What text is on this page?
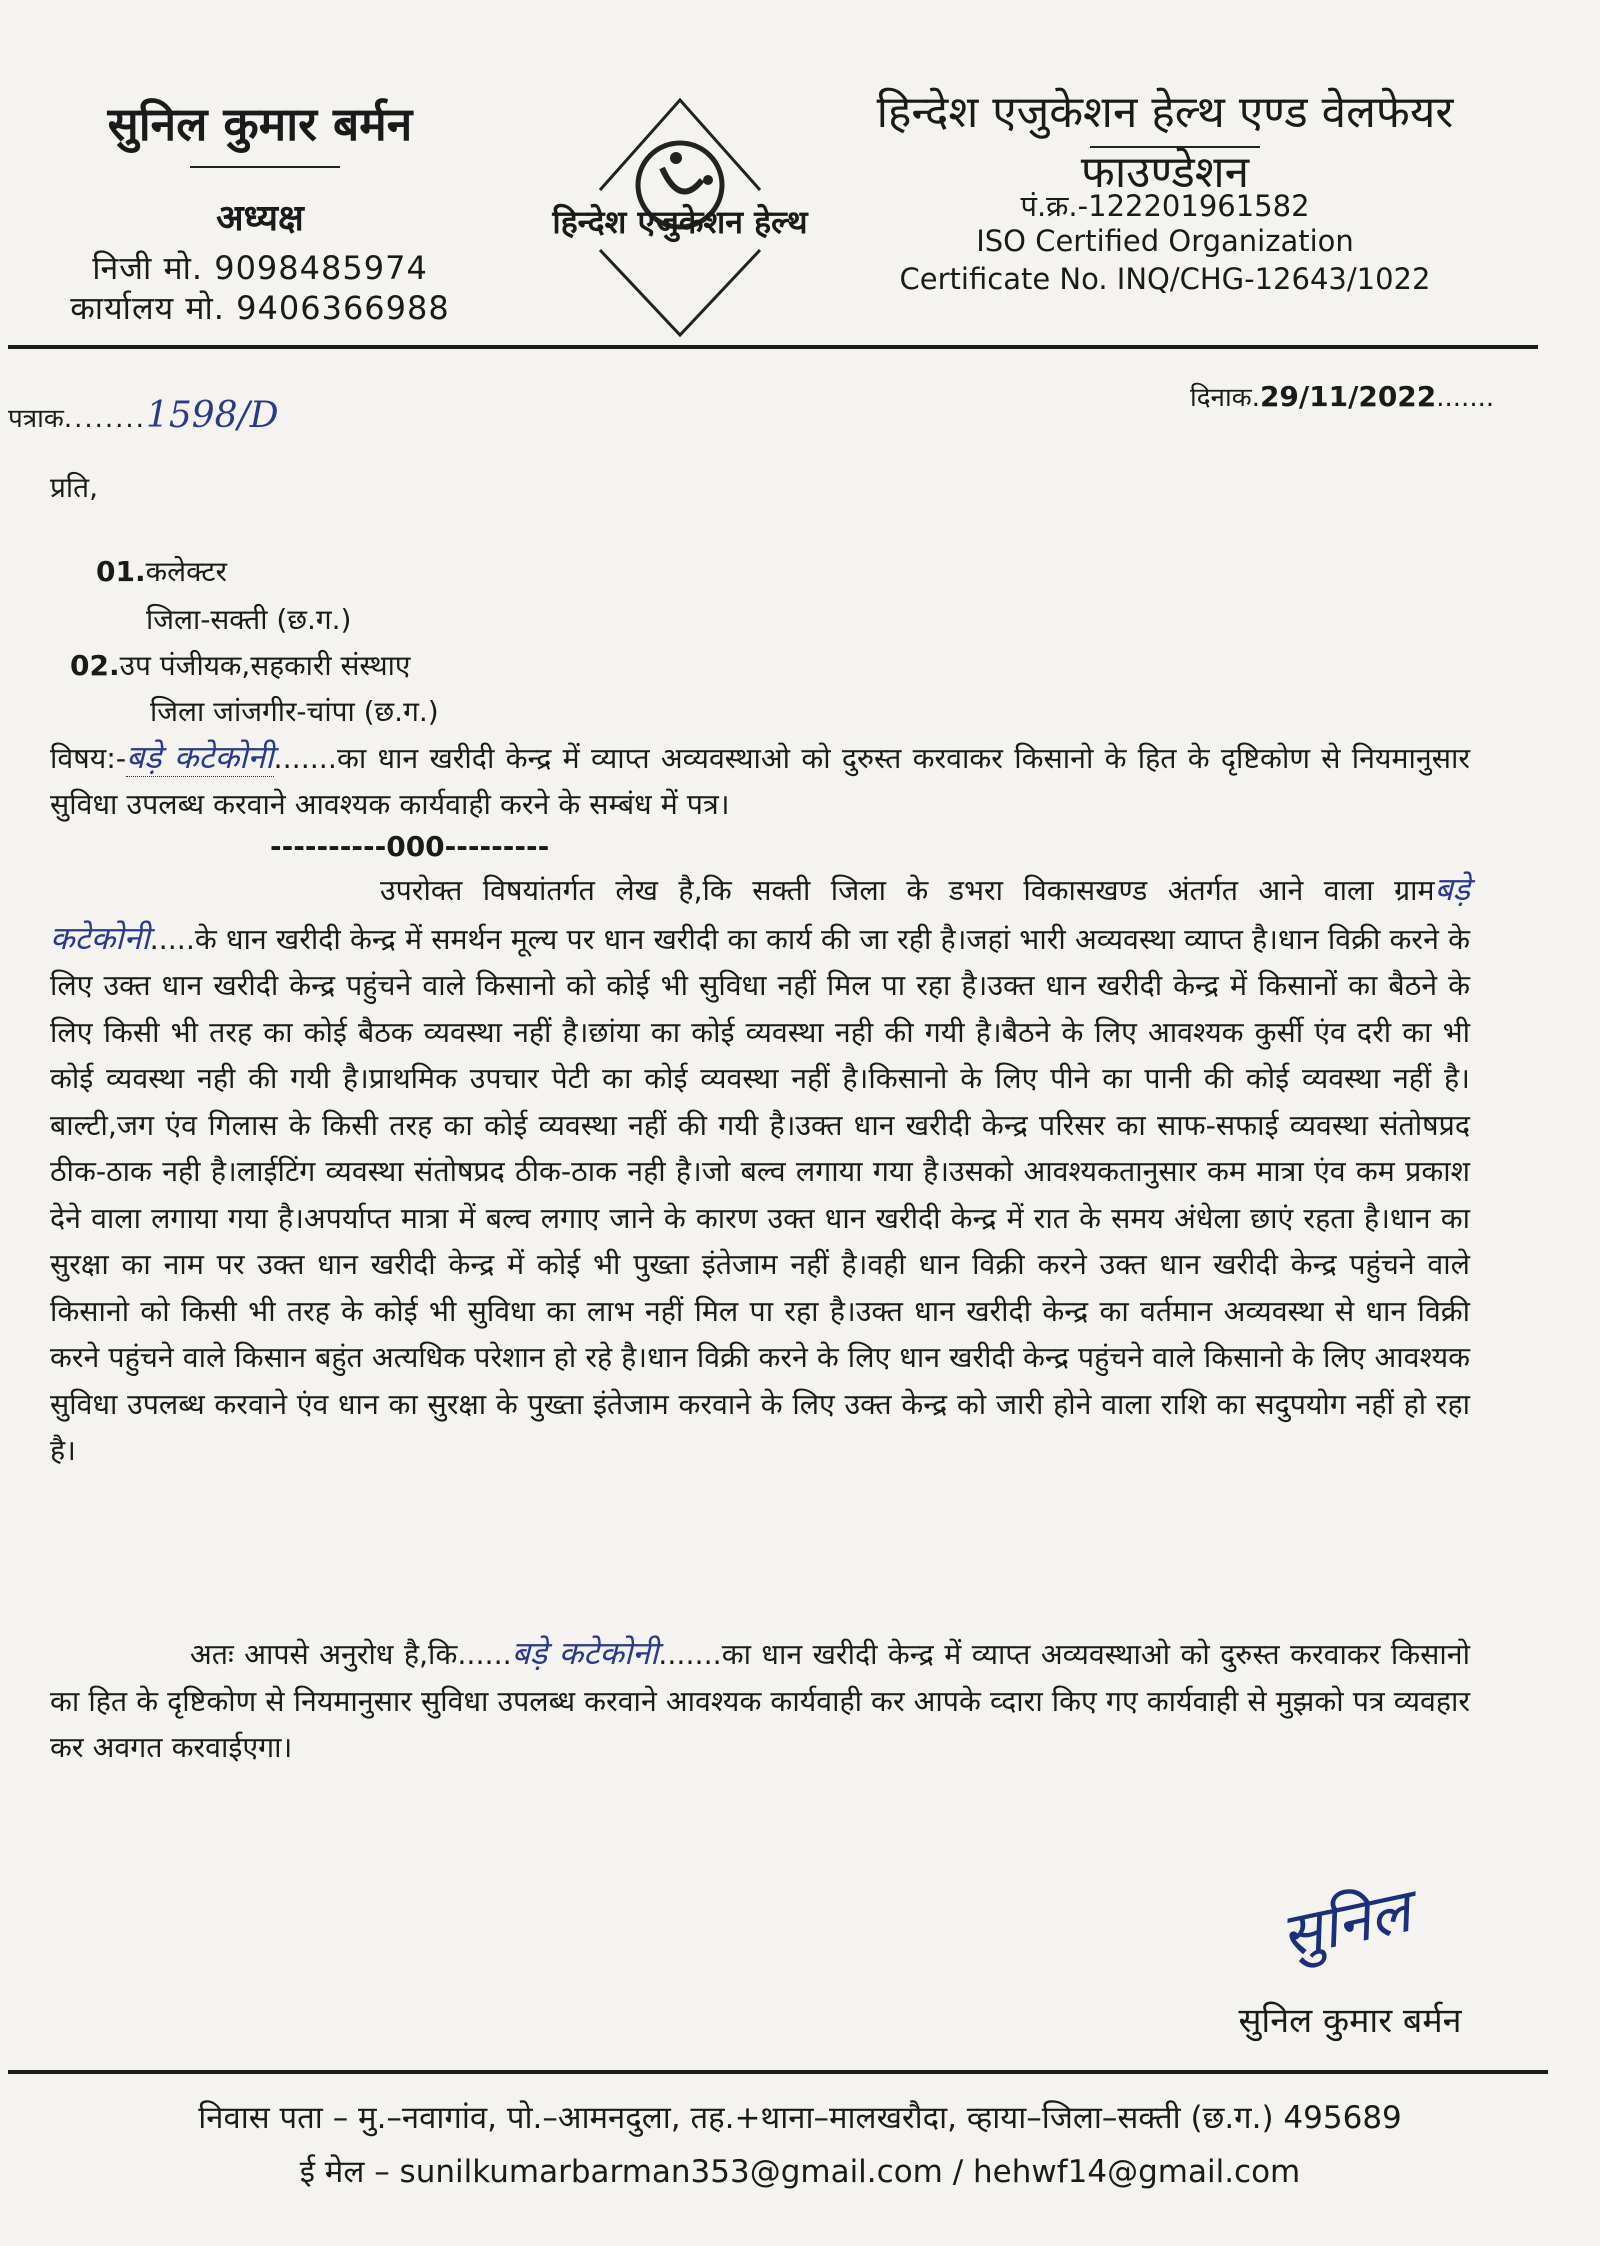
सुनिल कुमार बर्मन

अध्यक्ष
निजी मो. 9098485974
कार्यालय मो. 9406366988
हिन्देश एजुकेशन हेल्थ
हिन्देश एजुकेशन हेल्थ एण्ड वेलफेयर फाउण्डेशन

पं.क्र.-122201961582
ISO Certified Organization
Certificate No. INQ/CHG-12643/1022
पत्राक........1598/D	दिनाक.29/11/2022.......
प्रति,
01.कलेक्टर
जिला-सक्ती (छ.ग.)
02.उप पंजीयक,सहकारी संस्थाए
जिला जांजगीर-चांपा (छ.ग.)

विषय:-बड़े कटेकोनी.......का धान खरीदी केन्द्र में व्याप्त अव्यवस्थाओ को दुरुस्त करवाकर किसानो के हित के दृष्टिकोण से नियमानुसार सुविधा उपलब्ध करवाने आवश्यक कार्यवाही करने के सम्बंध में पत्र।

----------000---------

उपरोक्त विषयांतर्गत लेख है,कि सक्ती जिला के डभरा विकासखण्ड अंतर्गत आने वाला ग्रामबड़े कटेकोनी.....के धान खरीदी केन्द्र में समर्थन मूल्य पर धान खरीदी का कार्य की जा रही है।जहां भारी अव्यवस्था व्याप्त है।धान विक्री करने के लिए उक्त धान खरीदी केन्द्र पहुंचने वाले किसानो को कोई भी सुविधा नहीं मिल पा रहा है।उक्त धान खरीदी केन्द्र में किसानों का बैठने के लिए किसी भी तरह का कोई बैठक व्यवस्था नहीं है।छांया का कोई व्यवस्था नही की गयी है।बैठने के लिए आवश्यक कुर्सी एंव दरी का भी कोई व्यवस्था नही की गयी है।प्राथमिक उपचार पेटी का कोई व्यवस्था नहीं है।किसानो के लिए पीने का पानी की कोई व्यवस्था नहीं है।बाल्टी,जग एंव गिलास के किसी तरह का कोई व्यवस्था नहीं की गयी है।उक्त धान खरीदी केन्द्र परिसर का साफ-सफाई व्यवस्था संतोषप्रद ठीक-ठाक नही है।लाईटिंग व्यवस्था संतोषप्रद ठीक-ठाक नही है।जो बल्व लगाया गया है।उसको आवश्यकतानुसार कम मात्रा एंव कम प्रकाश देने वाला लगाया गया है।अपर्याप्त मात्रा में बल्व लगाए जाने के कारण उक्त धान खरीदी केन्द्र में रात के समय अंधेला छाएं रहता है।धान का सुरक्षा का नाम पर उक्त धान खरीदी केन्द्र में कोई भी पुख्ता इंतेजाम नहीं है।वही धान विक्री करने उक्त धान खरीदी केन्द्र पहुंचने वाले किसानो को किसी भी तरह के कोई भी सुविधा का लाभ नहीं मिल पा रहा है।उक्त धान खरीदी केन्द्र का वर्तमान अव्यवस्था से धान विक्री करने पहुंचने वाले किसान बहुंत अत्यधिक परेशान हो रहे है।धान विक्री करने के लिए धान खरीदी केन्द्र पहुंचने वाले किसानो के लिए आवश्यक सुविधा उपलब्ध करवाने एंव धान का सुरक्षा के पुख्ता इंतेजाम करवाने के लिए उक्त केन्द्र को जारी होने वाला राशि का सदुपयोग नहीं हो रहा है।

अतः आपसे अनुरोध है,कि......बड़े कटेकोनी.......का धान खरीदी केन्द्र में व्याप्त अव्यवस्थाओ को दुरुस्त करवाकर किसानो का हित के दृष्टिकोण से नियमानुसार सुविधा उपलब्ध करवाने आवश्यक कार्यवाही कर आपके व्दारा किए गए कार्यवाही से मुझको पत्र व्यवहार कर अवगत करवाईएगा।

सुनिल
सुनिल कुमार बर्मन
निवास पता – मु.–नवागांव, पो.–आमनदुला, तह.+थाना–मालखरौदा, व्हाया–जिला–सक्ती (छ.ग.) 495689
ई मेल – sunilkumarbarman353@gmail.com / hehwf14@gmail.com
